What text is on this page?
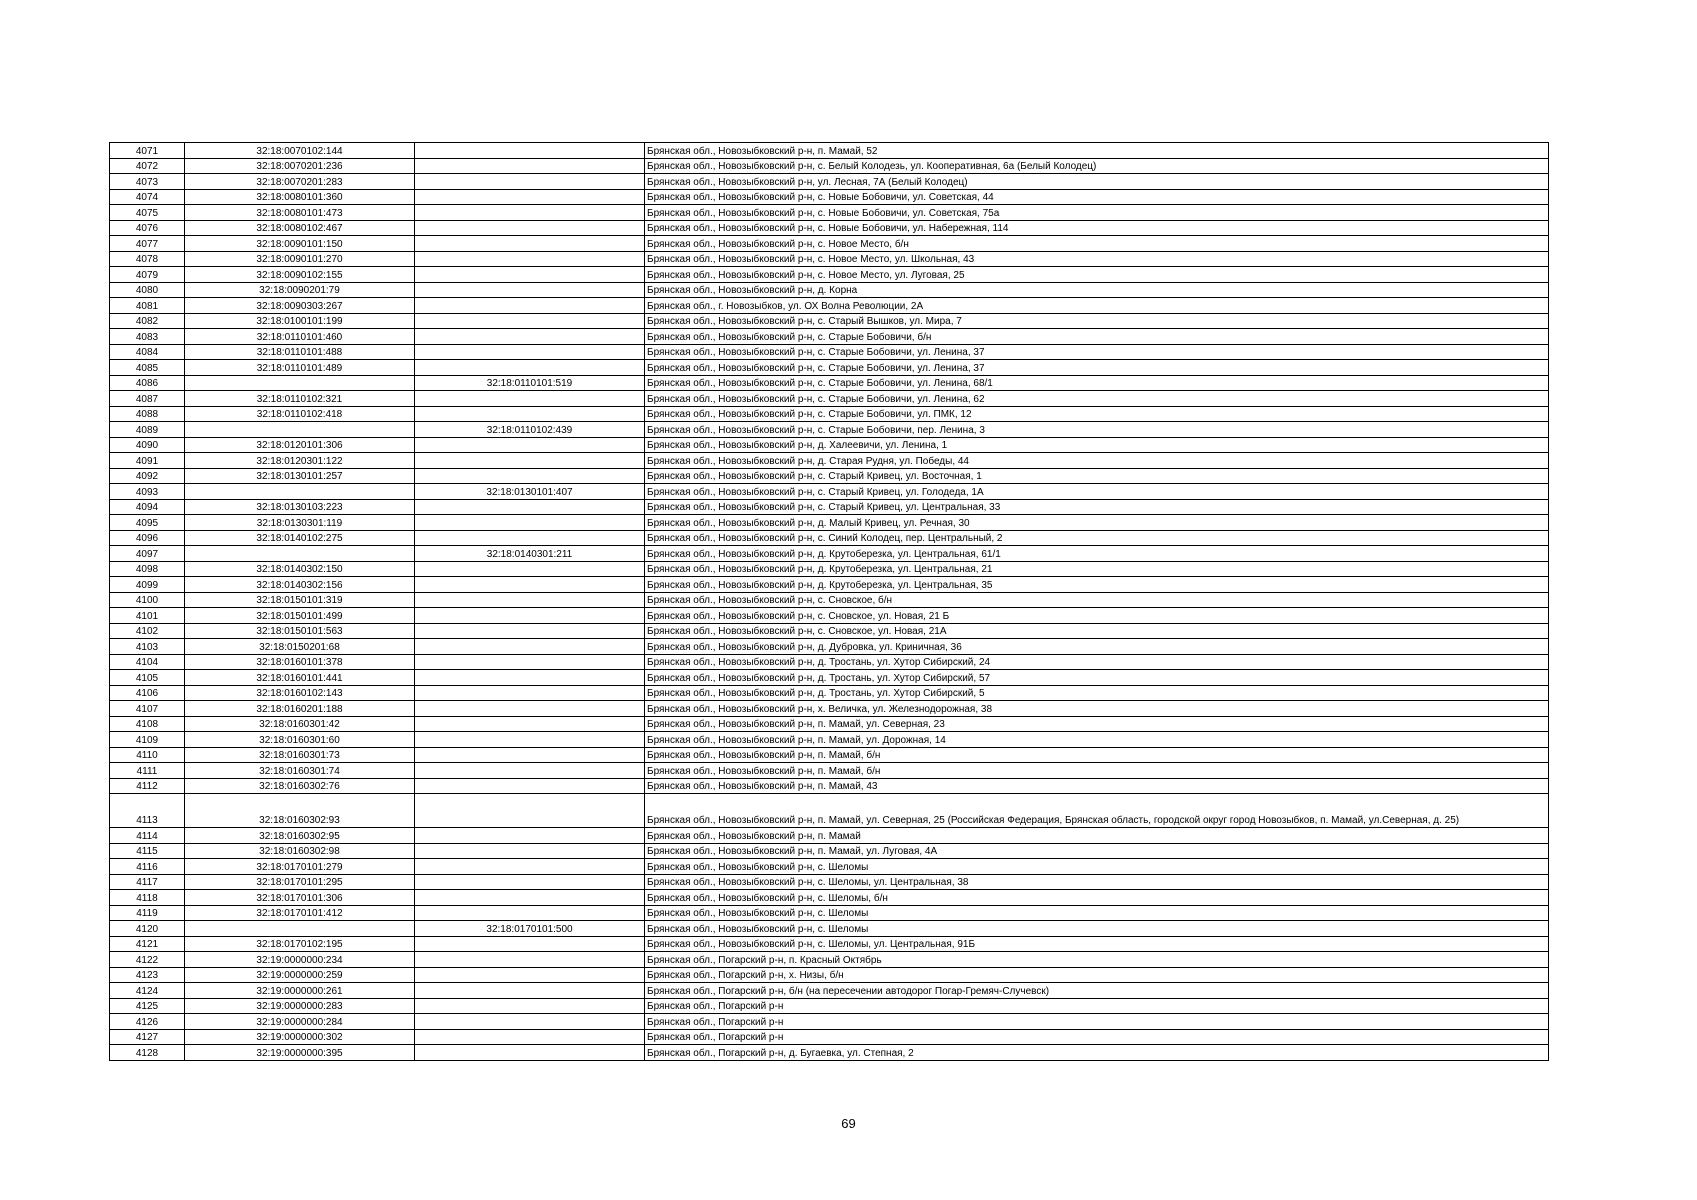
4071	32:18:0070102:144		Брянская обл., Новозыбковский р-н, п. Мамай, 52
4072	32:18:0070201:236		Брянская обл., Новозыбковский р-н, с. Белый Колодезь, ул. Кооперативная, 6а (Белый Колодец)
4073	32:18:0070201:283		Брянская обл., Новозыбковский р-н, ул. Лесная, 7А (Белый Колодец)
4074	32:18:0080101:360		Брянская обл., Новозыбковский р-н, с. Новые Бобовичи, ул. Советская, 44
4075	32:18:0080101:473		Брянская обл., Новозыбковский р-н, с. Новые Бобовичи, ул. Советская, 75а
4076	32:18:0080102:467		Брянская обл., Новозыбковский р-н, с. Новые Бобовичи, ул. Набережная, 114
4077	32:18:0090101:150		Брянская обл., Новозыбковский р-н, с. Новое Место, б/н
4078	32:18:0090101:270		Брянская обл., Новозыбковский р-н, с. Новое Место, ул. Школьная, 43
4079	32:18:0090102:155		Брянская обл., Новозыбковский р-н, с. Новое Место, ул. Луговая, 25
4080	32:18:0090201:79		Брянская обл., Новозыбковский р-н, д. Корна
4081	32:18:0090303:267		Брянская обл., г. Новозыбков, ул. ОХ Волна Революции, 2А
4082	32:18:0100101:199		Брянская обл., Новозыбковский р-н, с. Старый Вышков, ул. Мира, 7
4083	32:18:0110101:460		Брянская обл., Новозыбковский р-н, с. Старые Бобовичи, б/н
4084	32:18:0110101:488		Брянская обл., Новозыбковский р-н, с. Старые Бобовичи, ул. Ленина, 37
4085	32:18:0110101:489		Брянская обл., Новозыбковский р-н, с. Старые Бобовичи, ул. Ленина, 37
4086		32:18:0110101:519	Брянская обл., Новозыбковский р-н, с. Старые Бобовичи, ул. Ленина, 68/1
4087	32:18:0110102:321		Брянская обл., Новозыбковский р-н, с. Старые Бобовичи, ул. Ленина, 62
4088	32:18:0110102:418		Брянская обл., Новозыбковский р-н, с. Старые Бобовичи, ул. ПМК, 12
4089		32:18:0110102:439	Брянская обл., Новозыбковский р-н, с. Старые Бобовичи, пер. Ленина, 3
4090	32:18:0120101:306		Брянская обл., Новозыбковский р-н, д. Халеевичи, ул. Ленина, 1
4091	32:18:0120301:122		Брянская обл., Новозыбковский р-н, д. Старая Рудня, ул. Победы, 44
4092	32:18:0130101:257		Брянская обл., Новозыбковский р-н, с. Старый Кривец, ул. Восточная, 1
4093		32:18:0130101:407	Брянская обл., Новозыбковский р-н, с. Старый Кривец, ул. Голодеда, 1А
4094	32:18:0130103:223		Брянская обл., Новозыбковский р-н, с. Старый Кривец, ул. Центральная, 33
4095	32:18:0130301:119		Брянская обл., Новозыбковский р-н, д. Малый Кривец, ул. Речная, 30
4096	32:18:0140102:275		Брянская обл., Новозыбковский р-н, с. Синий Колодец, пер. Центральный, 2
4097		32:18:0140301:211	Брянская обл., Новозыбковский р-н, д. Крутоберезка, ул. Центральная, 61/1
4098	32:18:0140302:150		Брянская обл., Новозыбковский р-н, д. Крутоберезка, ул. Центральная, 21
4099	32:18:0140302:156		Брянская обл., Новозыбковский р-н, д. Крутоберезка, ул. Центральная, 35
4100	32:18:0150101:319		Брянская обл., Новозыбковский р-н, с. Сновское, б/н
4101	32:18:0150101:499		Брянская обл., Новозыбковский р-н, с. Сновское, ул. Новая, 21 Б
4102	32:18:0150101:563		Брянская обл., Новозыбковский р-н, с. Сновское, ул. Новая, 21А
4103	32:18:0150201:68		Брянская обл., Новозыбковский р-н, д. Дубровка, ул. Криничная, 36
4104	32:18:0160101:378		Брянская обл., Новозыбковский р-н, д. Тростань, ул. Хутор Сибирский, 24
4105	32:18:0160101:441		Брянская обл., Новозыбковский р-н, д. Тростань, ул. Хутор Сибирский, 57
4106	32:18:0160102:143		Брянская обл., Новозыбковский р-н, д. Тростань, ул. Хутор Сибирский, 5
4107	32:18:0160201:188		Брянская обл., Новозыбковский р-н, х. Величка, ул. Железнодорожная, 38
4108	32:18:0160301:42		Брянская обл., Новозыбковский р-н, п. Мамай, ул. Северная, 23
4109	32:18:0160301:60		Брянская обл., Новозыбковский р-н, п. Мамай, ул. Дорожная, 14
4110	32:18:0160301:73		Брянская обл., Новозыбковский р-н, п. Мамай, б/н
4111	32:18:0160301:74		Брянская обл., Новозыбковский р-н, п. Мамай, б/н
4112	32:18:0160302:76		Брянская обл., Новозыбковский р-н, п. Мамай, 43
4113	32:18:0160302:93		Брянская обл., Новозыбковский р-н, п. Мамай, ул. Северная, 25 (Российская Федерация, Брянская область, городской округ город Новозыбков, п. Мамай, ул.Северная, д. 25)
4114	32:18:0160302:95		Брянская обл., Новозыбковский р-н, п. Мамай
4115	32:18:0160302:98		Брянская обл., Новозыбковский р-н, п. Мамай, ул. Луговая, 4А
4116	32:18:0170101:279		Брянская обл., Новозыбковский р-н, с. Шеломы
4117	32:18:0170101:295		Брянская обл., Новозыбковский р-н, с. Шеломы, ул. Центральная, 38
4118	32:18:0170101:306		Брянская обл., Новозыбковский р-н, с. Шеломы, б/н
4119	32:18:0170101:412		Брянская обл., Новозыбковский р-н, с. Шеломы
4120		32:18:0170101:500	Брянская обл., Новозыбковский р-н, с. Шеломы
4121	32:18:0170102:195		Брянская обл., Новозыбковский р-н, с. Шеломы, ул. Центральная, 91Б
4122	32:19:0000000:234		Брянская обл., Погарский р-н, п. Красный Октябрь
4123	32:19:0000000:259		Брянская обл., Погарский р-н, х. Низы, б/н
4124	32:19:0000000:261		Брянская обл., Погарский р-н, б/н (на пересечении автодорог Погар-Гремяч-Случевск)
4125	32:19:0000000:283		Брянская обл., Погарский р-н
4126	32:19:0000000:284		Брянская обл., Погарский р-н
4127	32:19:0000000:302		Брянская обл., Погарский р-н
4128	32:19:0000000:395		Брянская обл., Погарский р-н, д. Бугаевка, ул. Степная, 2
69
